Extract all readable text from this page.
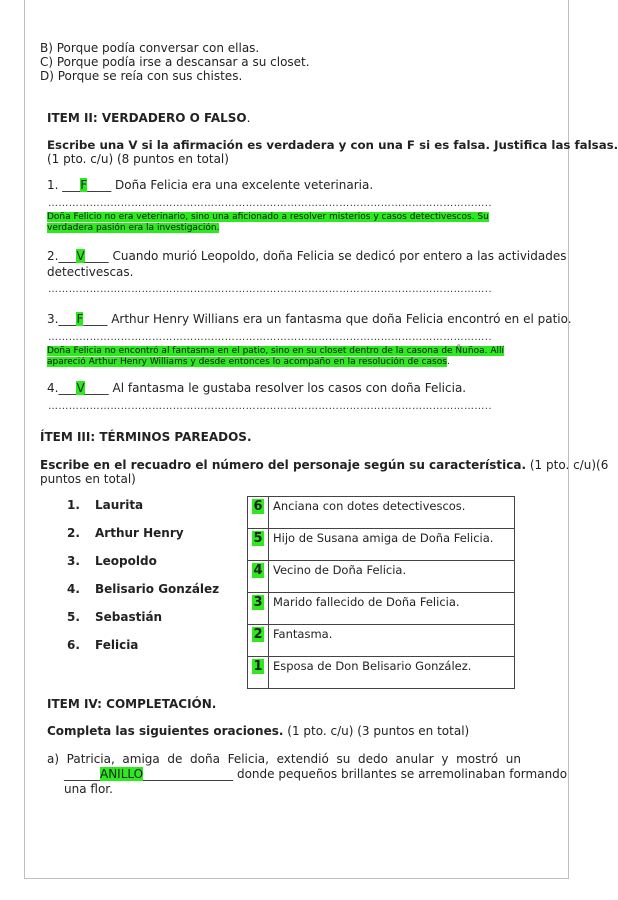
B) Porque podía conversar con ellas.
C) Porque podía irse a descansar a su closet.
D) Porque se reía con sus chistes.
ITEM II: VERDADERO O FALSO.
Escribe una V si la afirmación es verdadera y con una F si es falsa. Justifica las falsas.
(1 pto. c/u) (8 puntos en total)
1. ___F____ Doña Felicia era una excelente veterinaria.
………………………………………………………………………………………………………………..
Doña Felicio no era veterinario, sino una aficionado a resolver misterios y casos detectivescos. Su
verdadera pasión era la investigación.
2.___V____ Cuando murió Leopoldo, doña Felicia se dedicó por entero a las actividades
detectivescas.
………………………………………………………………………………………………………………..
3.___F____ Arthur Henry Willians era un fantasma que doña Felicia encontró en el patio.
………………………………………………………………………………………………………………..
Doña Felicia no encontró al fantasma en el patio, sino en su closet dentro de la casona de Ñuñoa. Allí
apareció Arthur Henry Williams y desde entonces lo acompaño en la resolución de casos.
4.___V____ Al fantasma le gustaba resolver los casos con doña Felicia.
………………………………………………………………………………………………………………..
ÍTEM III: TÉRMINOS PAREADOS.
Escribe en el recuadro el número del personaje según su característica. (1 pto. c/u)(6
puntos en total)
1. Laurita
2. Arthur Henry
3. Leopoldo
4. Belisario González
5. Sebastián
6. Felicia
6	Anciana con dotes detectivescos.
5	Hijo de Susana amiga de Doña Felicia.
4	Vecino de Doña Felicia.
3	Marido fallecido de Doña Felicia.
2	Fantasma.
1	Esposa de Don Belisario González.
ITEM IV: COMPLETACIÓN.
Completa las siguientes oraciones. (1 pto. c/u) (3 puntos en total)
a)  Patricia,  amiga  de  doña  Felicia,  extendió  su  dedo  anular  y  mostró  un
______ANILLO_______________ donde pequeños brillantes se arremolinaban formando
una flor.
